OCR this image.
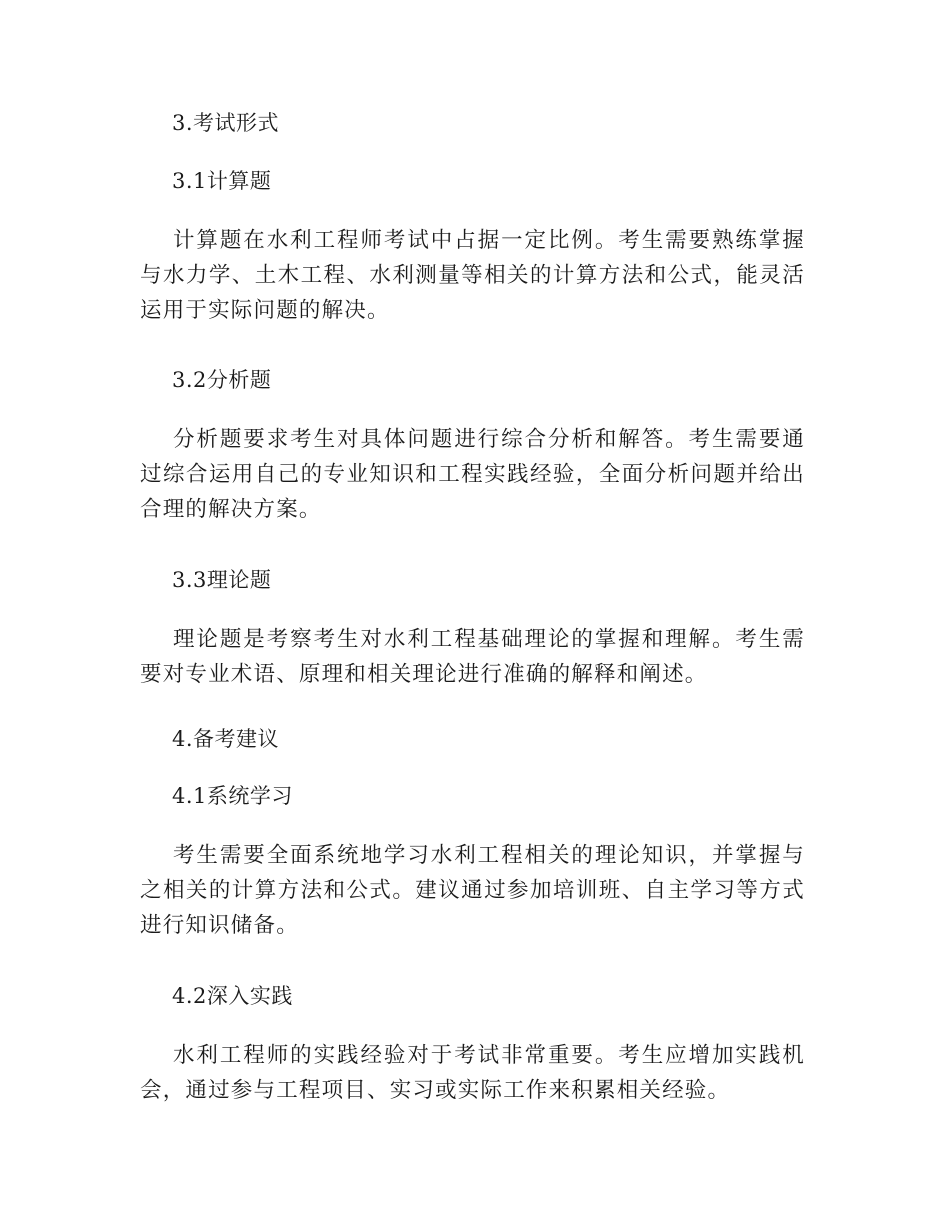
3.考试形式
3.1计算题
计算题在水利工程师考试中占据一定比例。考生需要熟练掌握与水力学、土木工程、水利测量等相关的计算方法和公式，能灵活运用于实际问题的解决。
3.2分析题
分析题要求考生对具体问题进行综合分析和解答。考生需要通过综合运用自己的专业知识和工程实践经验，全面分析问题并给出合理的解决方案。
3.3理论题
理论题是考察考生对水利工程基础理论的掌握和理解。考生需要对专业术语、原理和相关理论进行准确的解释和阐述。
4.备考建议
4.1系统学习
考生需要全面系统地学习水利工程相关的理论知识，并掌握与之相关的计算方法和公式。建议通过参加培训班、自主学习等方式进行知识储备。
4.2深入实践
水利工程师的实践经验对于考试非常重要。考生应增加实践机会，通过参与工程项目、实习或实际工作来积累相关经验。
